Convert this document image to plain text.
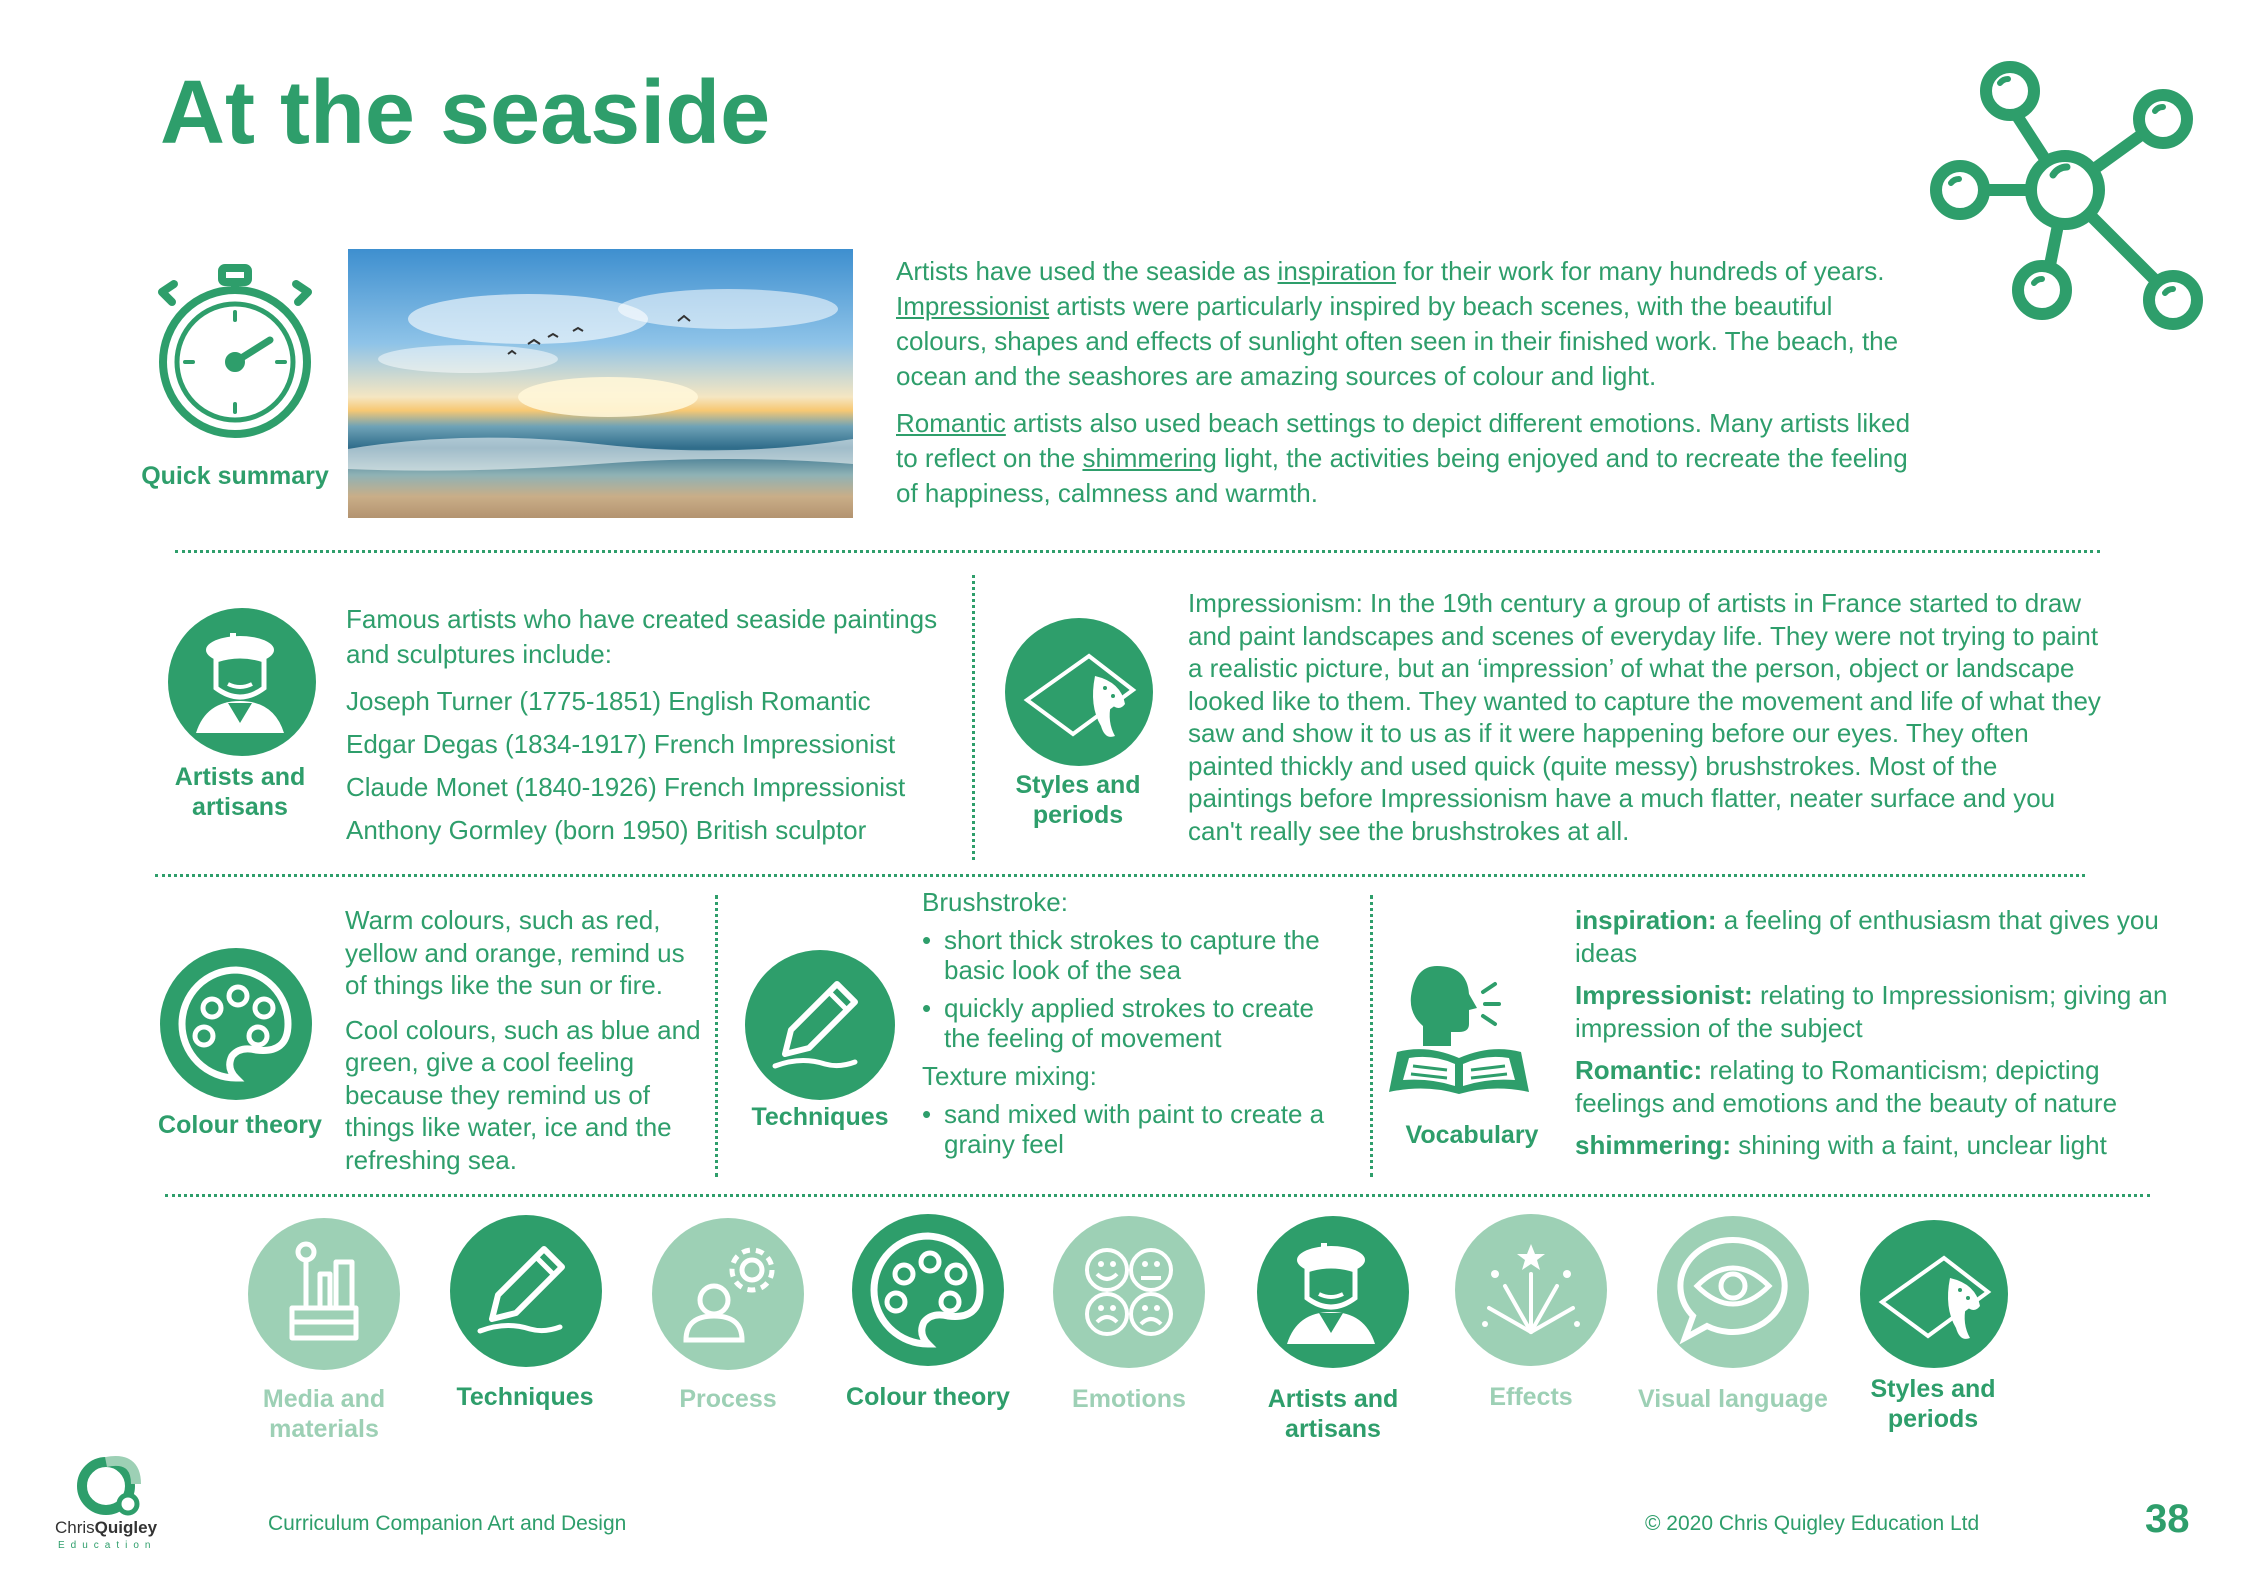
At the seaside
Quick summary

Artists have used the seaside as inspiration for their work for many hundreds of years. Impressionist artists were particularly inspired by beach scenes, with the beautiful colours, shapes and effects of sunlight often seen in their finished work. The beach, the ocean and the seashores are amazing sources of colour and light.

Romantic artists also used beach settings to depict different emotions. Many artists liked to reflect on the shimmering light, the activities being enjoyed and to recreate the feeling of happiness, calmness and warmth.

Artists and artisans

Famous artists who have created seaside paintings and sculptures include:

Joseph Turner (1775-1851) English Romantic
Edgar Degas (1834-1917) French Impressionist
Claude Monet (1840-1926) French Impressionist
Anthony Gormley (born 1950) British sculptor
Styles and periods
Impressionism: In the 19th century a group of artists in France started to draw and paint landscapes and scenes of everyday life. They were not trying to paint a realistic picture, but an ‘impression’ of what the person, object or landscape looked like to them. They wanted to capture the movement and life of what they saw and show it to us as if it were happening before our eyes. They often painted thickly and used quick (quite messy) brushstrokes. Most of the paintings before Impressionism have a much flatter, neater surface and you can't really see the brushstrokes at all.
Colour theory

Warm colours, such as red, yellow and orange, remind us of things like the sun or fire.

Cool colours, such as blue and green, give a cool feeling because they remind us of things like water, ice and the refreshing sea.

Techniques
Brushstroke:
• short thick strokes to capture the basic look of the sea
• quickly applied strokes to create the feeling of movement
Texture mixing:
• sand mixed with paint to create a grainy feel	Vocabulary

inspiration: a feeling of enthusiasm that gives you ideas

Impressionist: relating to Impressionism; giving an impression of the subject

Romantic: relating to Romanticism; depicting feelings and emotions and the beauty of nature

shimmering: shining with a faint, unclear light

Media and materials
Techniques	Process	Colour theory	Emotions	Artists and artisans
Effects	Visual language	Styles and periods
ChrisQuigley
Education
Curriculum Companion Art and Design	© 2020 Chris Quigley Education Ltd	38
